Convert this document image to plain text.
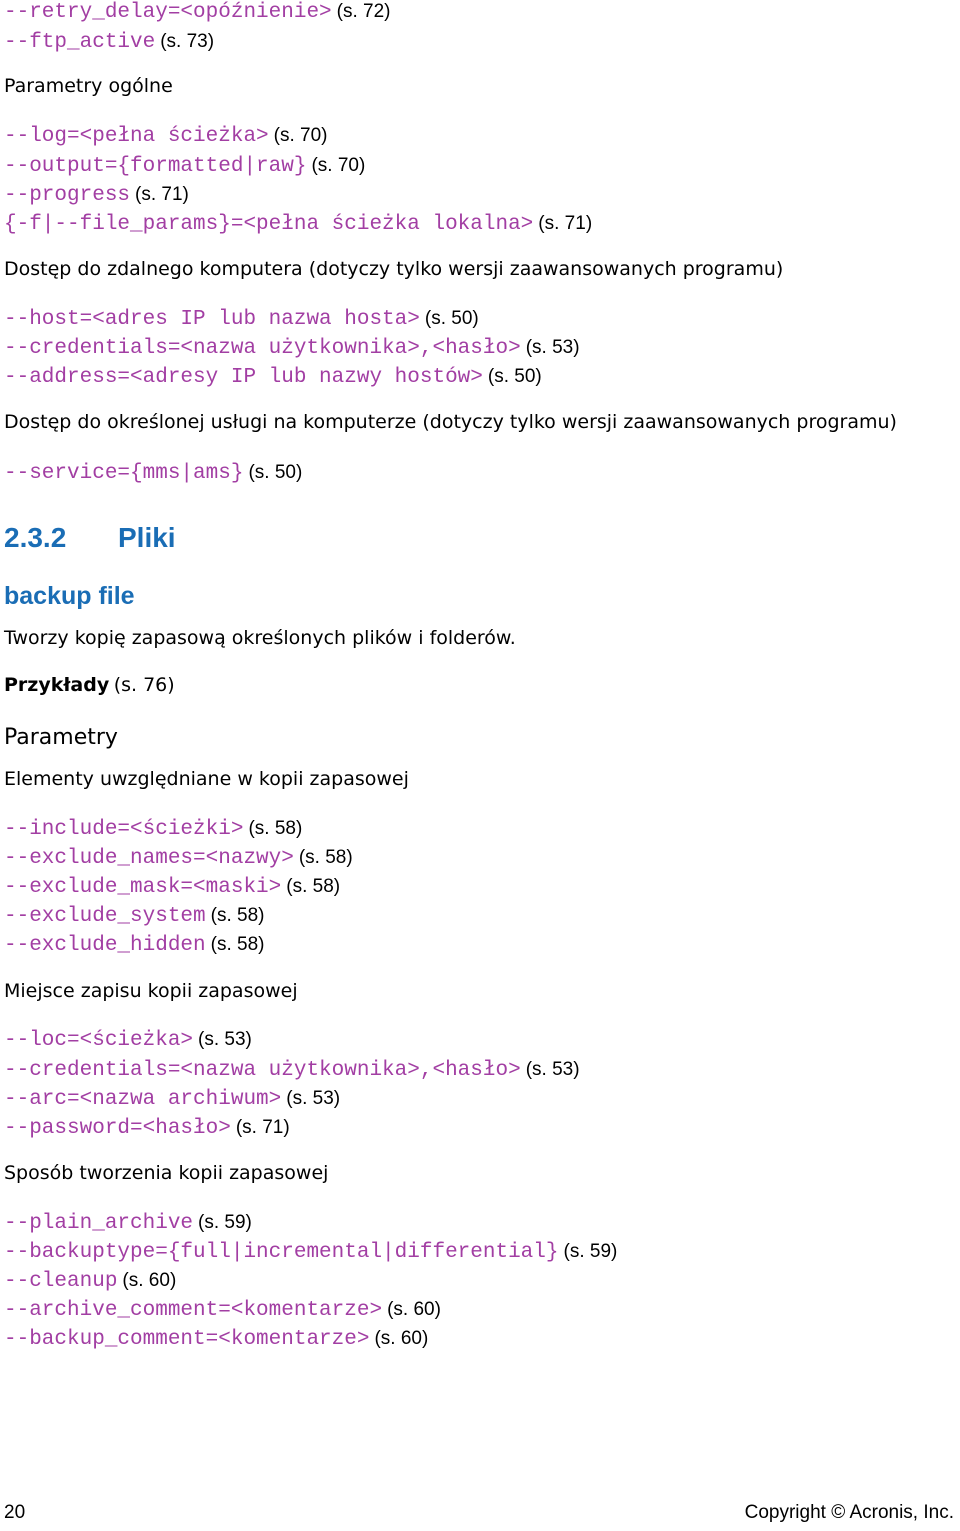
--retry_delay=<opóźnienie> (s. 72)
--ftp_active (s. 73)
Parametry ogólne
--log=<pełna ścieżka> (s. 70)
--output={formatted|raw} (s. 70)
--progress (s. 71)
{-f|--file_params}=<pełna ścieżka lokalna> (s. 71)
Dostęp do zdalnego komputera (dotyczy tylko wersji zaawansowanych programu)
--host=<adres IP lub nazwa hosta> (s. 50)
--credentials=<nazwa użytkownika>,<hasło> (s. 53)
--address=<adresy IP lub nazwy hostów> (s. 50)
Dostęp do określonej usługi na komputerze (dotyczy tylko wersji zaawansowanych programu)
--service={mms|ams} (s. 50)
2.3.2 Pliki
backup file
Tworzy kopię zapasową określonych plików i folderów.
Przykłady (s. 76)
Parametry
Elementy uwzględniane w kopii zapasowej
--include=<ścieżki> (s. 58)
--exclude_names=<nazwy> (s. 58)
--exclude_mask=<maski> (s. 58)
--exclude_system (s. 58)
--exclude_hidden (s. 58)
Miejsce zapisu kopii zapasowej
--loc=<ścieżka> (s. 53)
--credentials=<nazwa użytkownika>,<hasło> (s. 53)
--arc=<nazwa archiwum> (s. 53)
--password=<hasło> (s. 71)
Sposób tworzenia kopii zapasowej
--plain_archive (s. 59)
--backuptype={full|incremental|differential} (s. 59)
--cleanup (s. 60)
--archive_comment=<komentarze> (s. 60)
--backup_comment=<komentarze> (s. 60)
20	Copyright © Acronis, Inc.
